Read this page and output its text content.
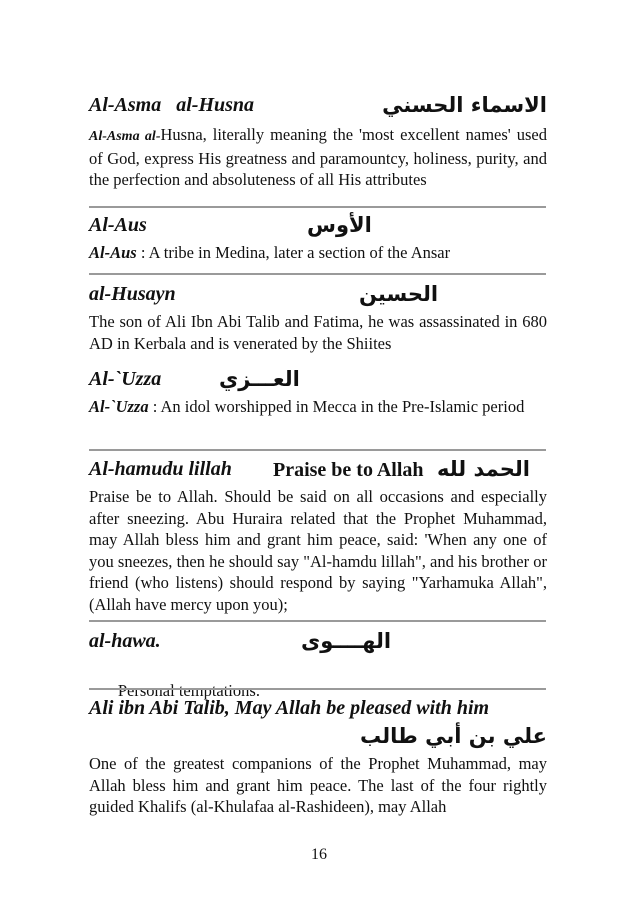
Al-Asma   al-Husna	الاسماء الحسني
Al-Asma al-Husna, literally meaning the 'most excellent names' used of God, express His greatness and paramountcy, holiness, purity, and the perfection and absoluteness of all His attributes
Al-Aus	الأوس
Al-Aus : A tribe in Medina, later a section of the Ansar
al-Husayn	الحسين
The son of Ali Ibn Abi Talib and Fatima, he was assassinated in 680 AD in Kerbala and is venerated by the Shiites
Al-`Uzza	العـــزي
Al-`Uzza : An idol worshipped in Mecca in the Pre-Islamic period
Al-hamudu lillah Praise be to Allah الحمد لله
Praise be to Allah. Should be said on all occasions and especially after sneezing. Abu Huraira related that the Prophet Muhammad, may Allah bless him and grant him peace, said: 'When any one of you sneezes, then he should say "Al-hamdu lillah", and his brother or friend (who listens) should respond by saying "Yarhamuka Allah", (Allah have mercy upon you);
al-hawa.	الهــــوى

Personal temptations.

Ali ibn Abi Talib, May Allah be pleased with him
علي بن أبي طالب
One of the greatest companions of the Prophet Muhammad, may Allah bless him and grant him peace. The last of the four rightly guided Khalifs (al-Khulafaa al-Rashideen), may Allah
16
